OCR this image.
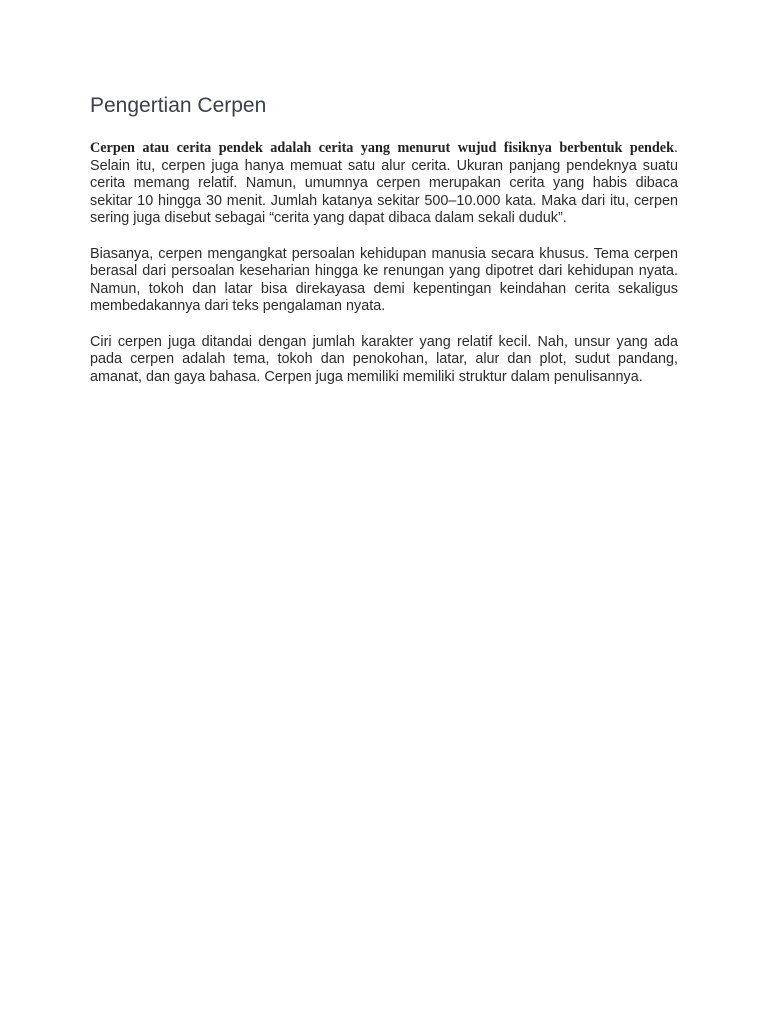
Pengertian Cerpen

Cerpen atau cerita pendek adalah cerita yang menurut wujud fisiknya berbentuk pendek. Selain itu, cerpen juga hanya memuat satu alur cerita. Ukuran panjang pendeknya suatu cerita memang relatif. Namun, umumnya cerpen merupakan cerita yang habis dibaca sekitar 10 hingga 30 menit. Jumlah katanya sekitar 500–10.000 kata. Maka dari itu, cerpen sering juga disebut sebagai “cerita yang dapat dibaca dalam sekali duduk”.

Biasanya, cerpen mengangkat persoalan kehidupan manusia secara khusus. Tema cerpen berasal dari persoalan keseharian hingga ke renungan yang dipotret dari kehidupan nyata. Namun, tokoh dan latar bisa direkayasa demi kepentingan keindahan cerita sekaligus membedakannya dari teks pengalaman nyata.

Ciri cerpen juga ditandai dengan jumlah karakter yang relatif kecil. Nah, unsur yang ada pada cerpen adalah tema, tokoh dan penokohan, latar, alur dan plot, sudut pandang, amanat, dan gaya bahasa. Cerpen juga memiliki memiliki struktur dalam penulisannya.
